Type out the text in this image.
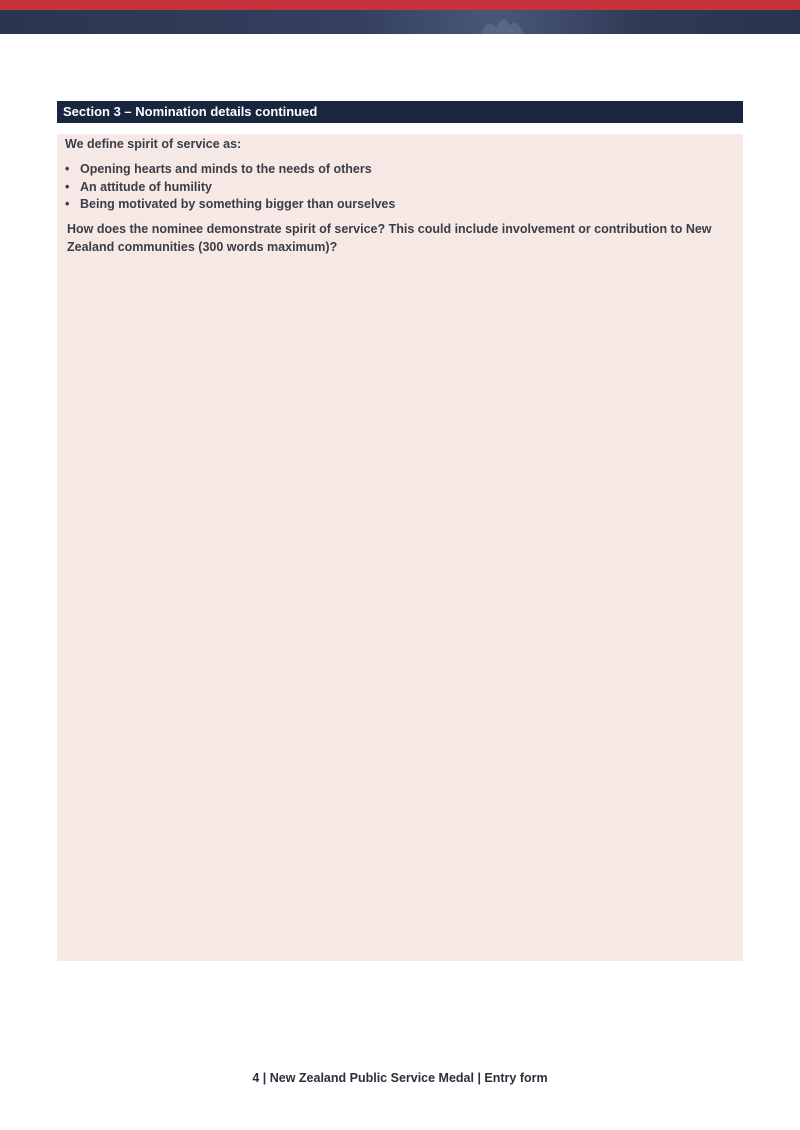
Section 3 – Nomination details continued
We define spirit of service as:
• Opening hearts and minds to the needs of others
• An attitude of humility
• Being motivated by something bigger than ourselves
How does the nominee demonstrate spirit of service? This could include involvement or contribution to New Zealand communities (300 words maximum)?
4 | New Zealand Public Service Medal | Entry form
